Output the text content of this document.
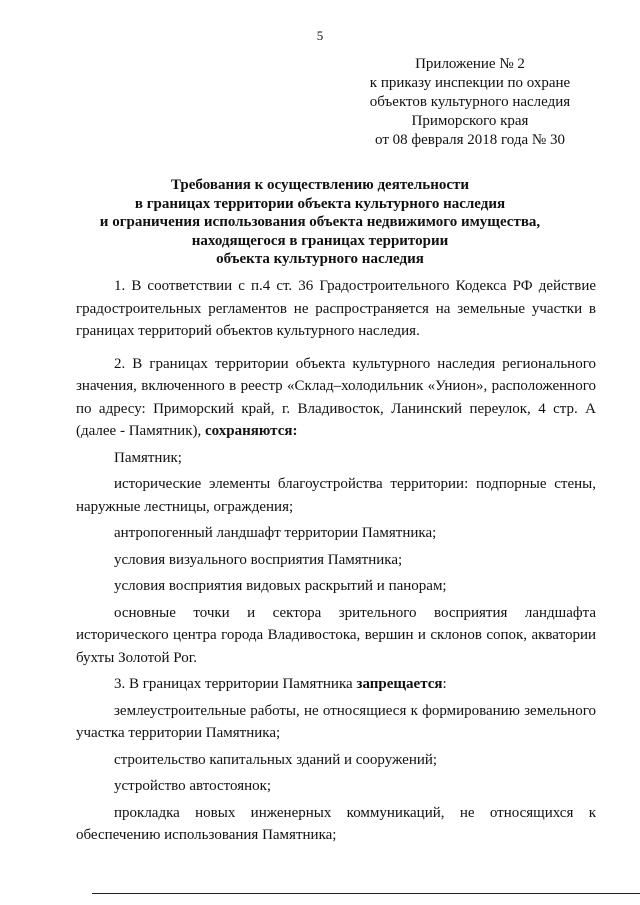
5
Приложение № 2
к приказу инспекции по охране
объектов культурного наследия
Приморского края
от 08 февраля 2018 года № 30
Требования к осуществлению деятельности
в границах территории объекта культурного наследия
и ограничения использования объекта недвижимого имущества,
находящегося в границах территории
объекта культурного наследия

1. В соответствии с п.4 ст. 36 Градостроительного Кодекса РФ действие градостроительных регламентов не распространяется на земельные участки в границах территорий объектов культурного наследия.

2. В границах территории объекта культурного наследия регионального значения, включенного в реестр «Склад–холодильник «Унион», расположенного по адресу: Приморский край, г. Владивосток, Ланинский переулок, 4 стр. А (далее - Памятник), сохраняются:

Памятник;

исторические элементы благоустройства территории: подпорные стены, наружные лестницы, ограждения;

антропогенный ландшафт территории Памятника;

условия визуального восприятия Памятника;

условия восприятия видовых раскрытий и панорам;

основные точки и сектора зрительного восприятия ландшафта исторического центра города Владивостока, вершин и склонов сопок, акватории бухты Золотой Рог.

3. В границах территории Памятника запрещается:

землеустроительные работы, не относящиеся к формированию земельного участка территории Памятника;

строительство капитальных зданий и сооружений;

устройство автостоянок;

прокладка новых инженерных коммуникаций, не относящихся к обеспечению использования Памятника;
